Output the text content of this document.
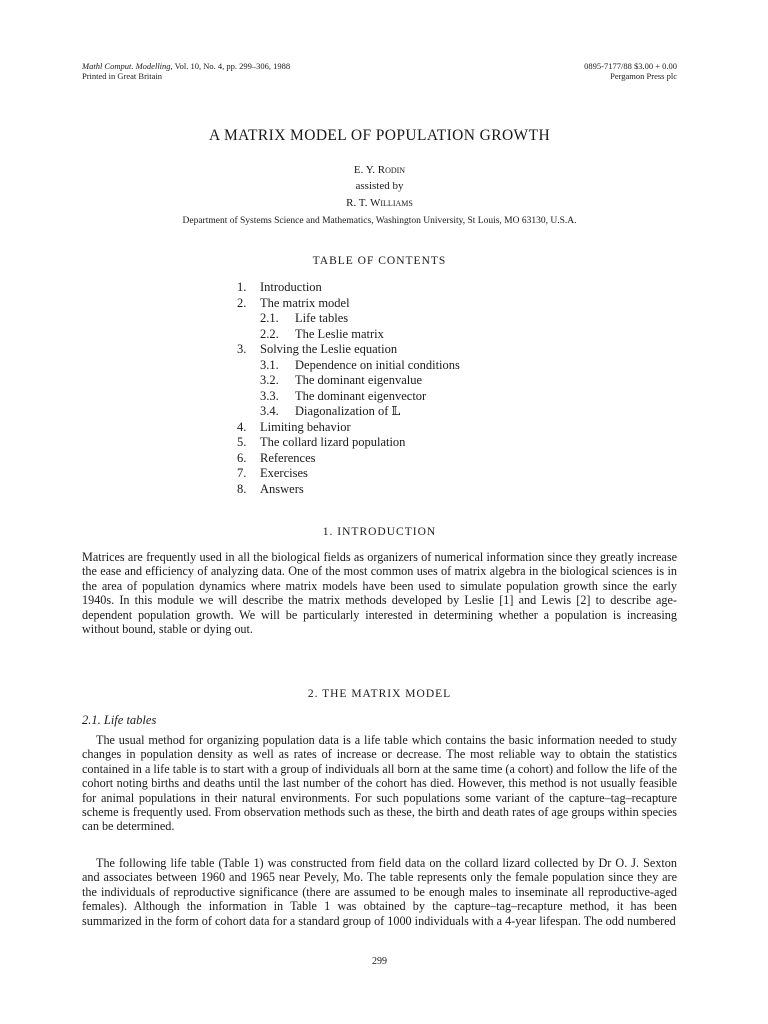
Mathl Comput. Modelling, Vol. 10, No. 4, pp. 299–306, 1988
Printed in Great Britain
0895-7177/88 $3.00 + 0.00
Pergamon Press plc
A MATRIX MODEL OF POPULATION GROWTH
E. Y. Rodin
assisted by
R. T. Williams
Department of Systems Science and Mathematics, Washington University, St Louis, MO 63130, U.S.A.
TABLE OF CONTENTS
1. Introduction
2. The matrix model
2.1. Life tables
2.2. The Leslie matrix
3. Solving the Leslie equation
3.1. Dependence on initial conditions
3.2. The dominant eigenvalue
3.3. The dominant eigenvector
3.4. Diagonalization of 𝕃
4. Limiting behavior
5. The collard lizard population
6. References
7. Exercises
8. Answers
1. INTRODUCTION

Matrices are frequently used in all the biological fields as organizers of numerical information since they greatly increase the ease and efficiency of analyzing data. One of the most common uses of matrix algebra in the biological sciences is in the area of population dynamics where matrix models have been used to simulate population growth since the early 1940s. In this module we will describe the matrix methods developed by Leslie [1] and Lewis [2] to describe age-dependent population growth. We will be particularly interested in determining whether a population is increasing without bound, stable or dying out.

2. THE MATRIX MODEL
2.1. Life tables

The usual method for organizing population data is a life table which contains the basic information needed to study changes in population density as well as rates of increase or decrease. The most reliable way to obtain the statistics contained in a life table is to start with a group of individuals all born at the same time (a cohort) and follow the life of the cohort noting births and deaths until the last number of the cohort has died. However, this method is not usually feasible for animal populations in their natural environments. For such populations some variant of the capture–tag–recapture scheme is frequently used. From observation methods such as these, the birth and death rates of age groups within species can be determined.

The following life table (Table 1) was constructed from field data on the collard lizard collected by Dr O. J. Sexton and associates between 1960 and 1965 near Pevely, Mo. The table represents only the female population since they are the individuals of reproductive significance (there are assumed to be enough males to inseminate all reproductive-aged females). Although the information in Table 1 was obtained by the capture–tag–recapture method, it has been summarized in the form of cohort data for a standard group of 1000 individuals with a 4-year lifespan. The odd numbered

299
